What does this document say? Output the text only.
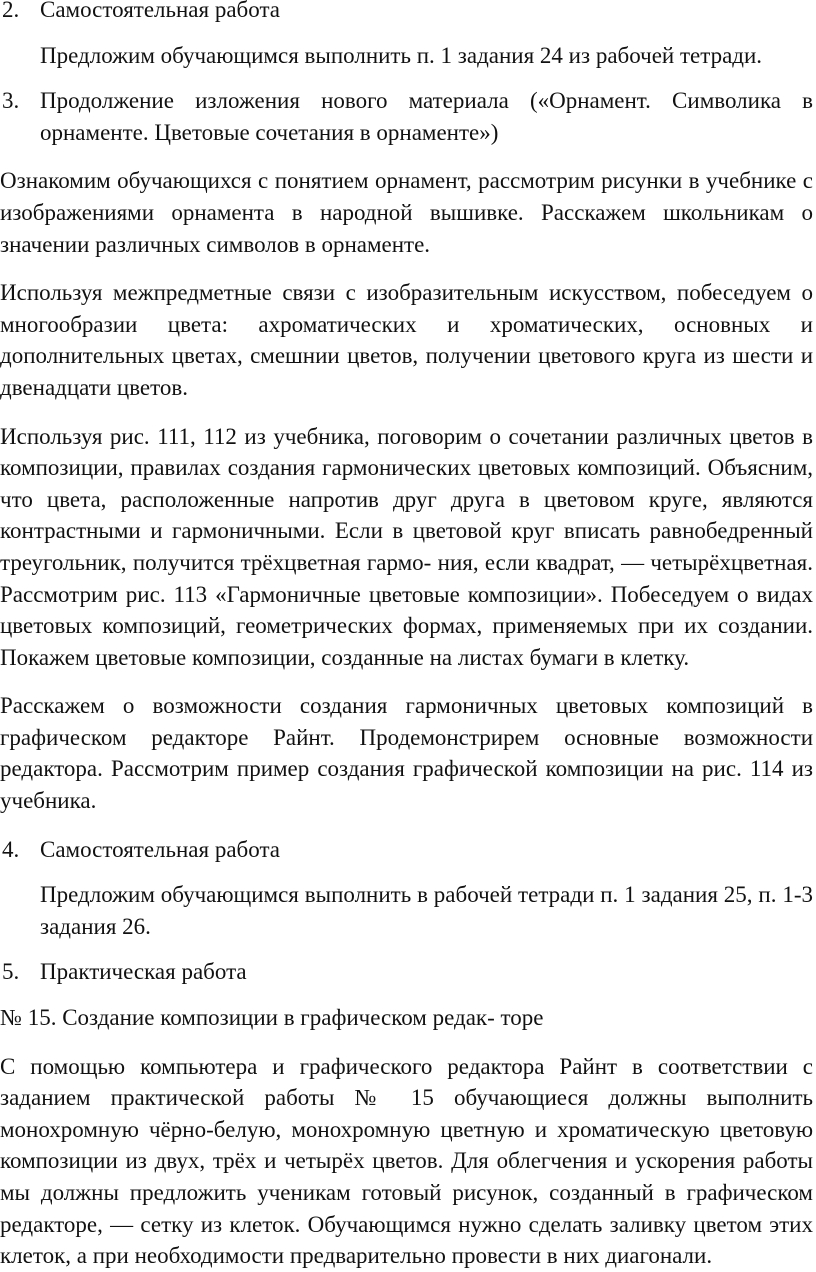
2. Самостоятельная работа

Предложим обучающимся выполнить п. 1 задания 24 из рабочей тетради.

3. Продолжение изложения нового материала («Орнамент. Символика в орнаменте. Цветовые сочетания в орнаменте»)

Ознакомим обучающихся с понятием орнамент, рассмотрим рисунки в учебнике с изображениями орнамента в народной вышивке. Расскажем школьникам о значении различных символов в орнаменте.

Используя межпредметные связи с изобразительным искусством, побеседуем о многообразии цвета: ахроматических и хроматических, основных и дополнительных цветах, смешнии цветов, получении цветового круга из шести и двенадцати цветов.

Используя рис. 111, 112 из учебника, поговорим о сочетании различных цветов в композиции, правилах создания гармонических цветовых композиций. Объясним, что цвета, расположенные напротив друг друга в цветовом круге, являются контрастными и гармоничными. Если в цветовой круг вписать равнобедренный треугольник, получится трёхцветная гармо- ния, если квадрат, — четырёхцветная. Рассмотрим рис. 113 «Гармоничные цветовые композиции». Побеседуем о видах цветовых композиций, геометрических формах, применяемых при их создании. Покажем цветовые композиции, созданные на листах бумаги в клетку.

Расскажем о возможности создания гармоничных цветовых композиций в графическом редакторе Райнт. Продемонстрирем основные возможности редактора. Рассмотрим пример создания графической композиции на рис. 114 из учебника.

4. Самостоятельная работа

Предложим обучающимся выполнить в рабочей тетради п. 1 задания 25, п. 1-3 задания 26.

5. Практическая работа

№ 15. Создание композиции в графическом редак- торе

С помощью компьютера и графического редактора Райнт в соответствии с заданием практической работы № 15 обучающиеся должны выполнить монохромную чёрно-белую, монохромную цветную и хроматическую цветовую композиции из двух, трёх и четырёх цветов. Для облегчения и ускорения работы мы должны предложить ученикам готовый рисунок, созданный в графическом редакторе, — сетку из клеток. Обучающимся нужно сделать заливку цветом этих клеток, а при необходимости предварительно провести в них диагонали.
